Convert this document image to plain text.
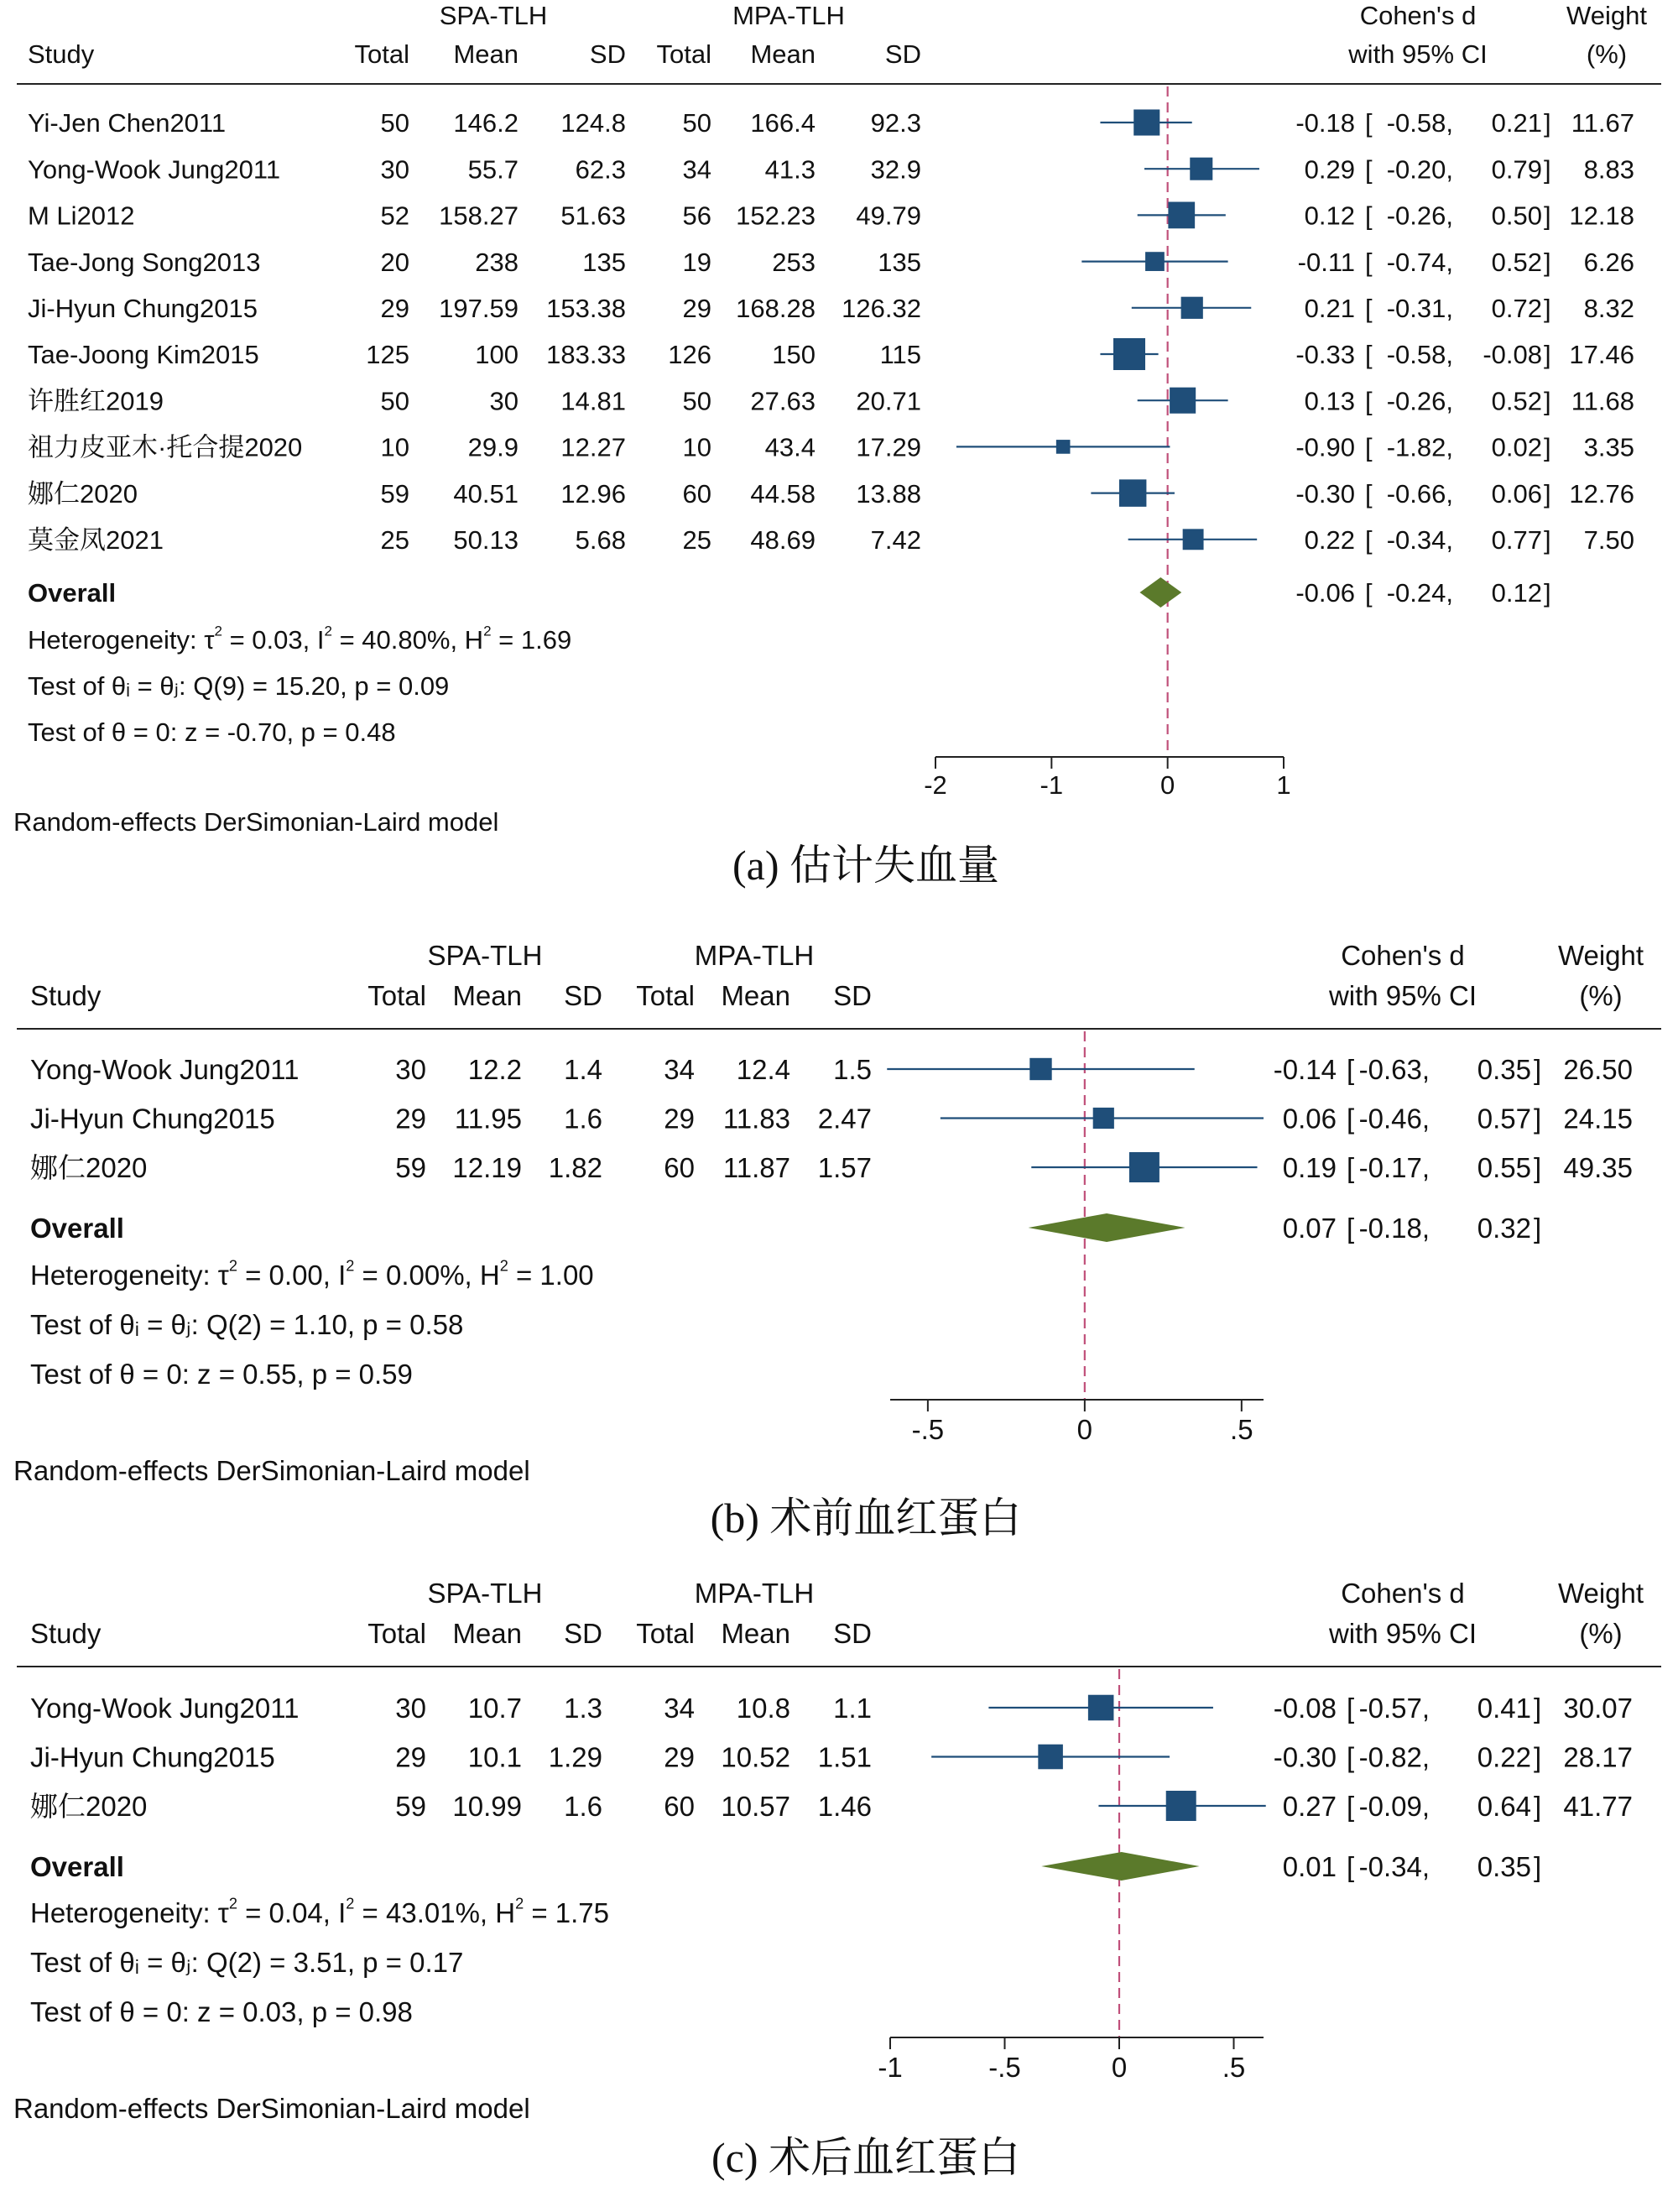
SPA-TLH	MPA-TLH
Study	Total Mean	SD Total Mean	SD
Cohen's d
with 95% CI
Weight
(%)
Yi-Jen Chen2011	50 146.2 124.8 50 166.4 92.3	-0.18 [ -0.58, 0.21 ] 11.67
Yong-Wook Jung2011	30 55.7 62.3 34 41.3 32.9	0.29 [ -0.20, 0.79 ] 8.83
M Li2012	52 158.27 51.63 56 152.23 49.79	0.12 [ -0.26, 0.50 ] 12.18
Tae-Jong Song2013	20	238 135 19 253 135	-0.11 [ -0.74, 0.52 ] 6.26
Ji-Hyun Chung2015	29 197.59 153.38 29 168.28 126.32	0.21 [ -0.31, 0.72 ] 8.32
Tae-Joong Kim2015	125	100 183.33 126 150 115	-0.33 [ -0.58, -0.08 ] 17.46
许胜红2019	50	30 14.81 50 27.63 20.71	0.13 [ -0.26, 0.52 ] 11.68
祖力皮亚木·托合提2020	10 29.9 12.27 10 43.4 17.29	-0.90 [ -1.82, 0.02 ] 3.35
娜仁2020	59 40.51 12.96 60 44.58 13.88	-0.30 [ -0.66, 0.06 ] 12.76
莫金凤2021	25 50.13 5.68 25 48.69 7.42	0.22 [ -0.34, 0.77 ] 7.50
Overall	-0.06 [ -0.24, 0.12 ]
Heterogeneity: $\tau^2 = 0.03$, $I^2 = 40.80\%$, $H^2 = 1.69$
Test of θᵢ = θⱼ: Q(9) = 15.20, p = 0.09
Test of θ = 0: z = -0.70, p = 0.48
-2	-1	0	1
Random-effects DerSimonian-Laird model
(a) 估计失血量
SPA-TLH	MPA-TLH
Study	Total Mean SD Total Mean SD
Cohen's d
with 95% CI
Weight
(%)
Yong-Wook Jung2011	30 12.2 1.4 34 12.4 1.5	-0.14 [ -0.63, 0.35 ] 26.50
Ji-Hyun Chung2015	29 11.95 1.6 29 11.83 2.47	0.06 [ -0.46, 0.57 ] 24.15
娜仁2020	59 12.19 1.82 60 11.87 1.57	0.19 [ -0.17, 0.55 ] 49.35
Overall	0.07 [ -0.18, 0.32 ]
Heterogeneity: $\tau^2 = 0.00$, $I^2 = 0.00\%$, $H^2 = 1.00$
Test of θᵢ = θⱼ: Q(2) = 1.10, p = 0.58
Test of θ = 0: z = 0.55, p = 0.59
-.5	0	.5
Random-effects DerSimonian-Laird model
(b) 术前血红蛋白
SPA-TLH	MPA-TLH
Study	Total Mean SD Total Mean SD
Cohen's d
with 95% CI
Weight
(%)
Yong-Wook Jung2011	30 10.7 1.3 34 10.8 1.1	-0.08 [ -0.57, 0.41 ] 30.07
Ji-Hyun Chung2015	29 10.1 1.29 29 10.52 1.51	-0.30 [ -0.82, 0.22 ] 28.17
娜仁2020	59 10.99 1.6 60 10.57 1.46	0.27 [ -0.09, 0.64 ] 41.77
Overall	0.01 [ -0.34, 0.35 ]
Heterogeneity: $\tau^2 = 0.04$, $I^2 = 43.01\%$, $H^2 = 1.75$
Test of θᵢ = θⱼ: Q(2) = 3.51, p = 0.17
Test of θ = 0: z = 0.03, p = 0.98
-1	-.5	0	.5
Random-effects DerSimonian-Laird model
(c) 术后血红蛋白
